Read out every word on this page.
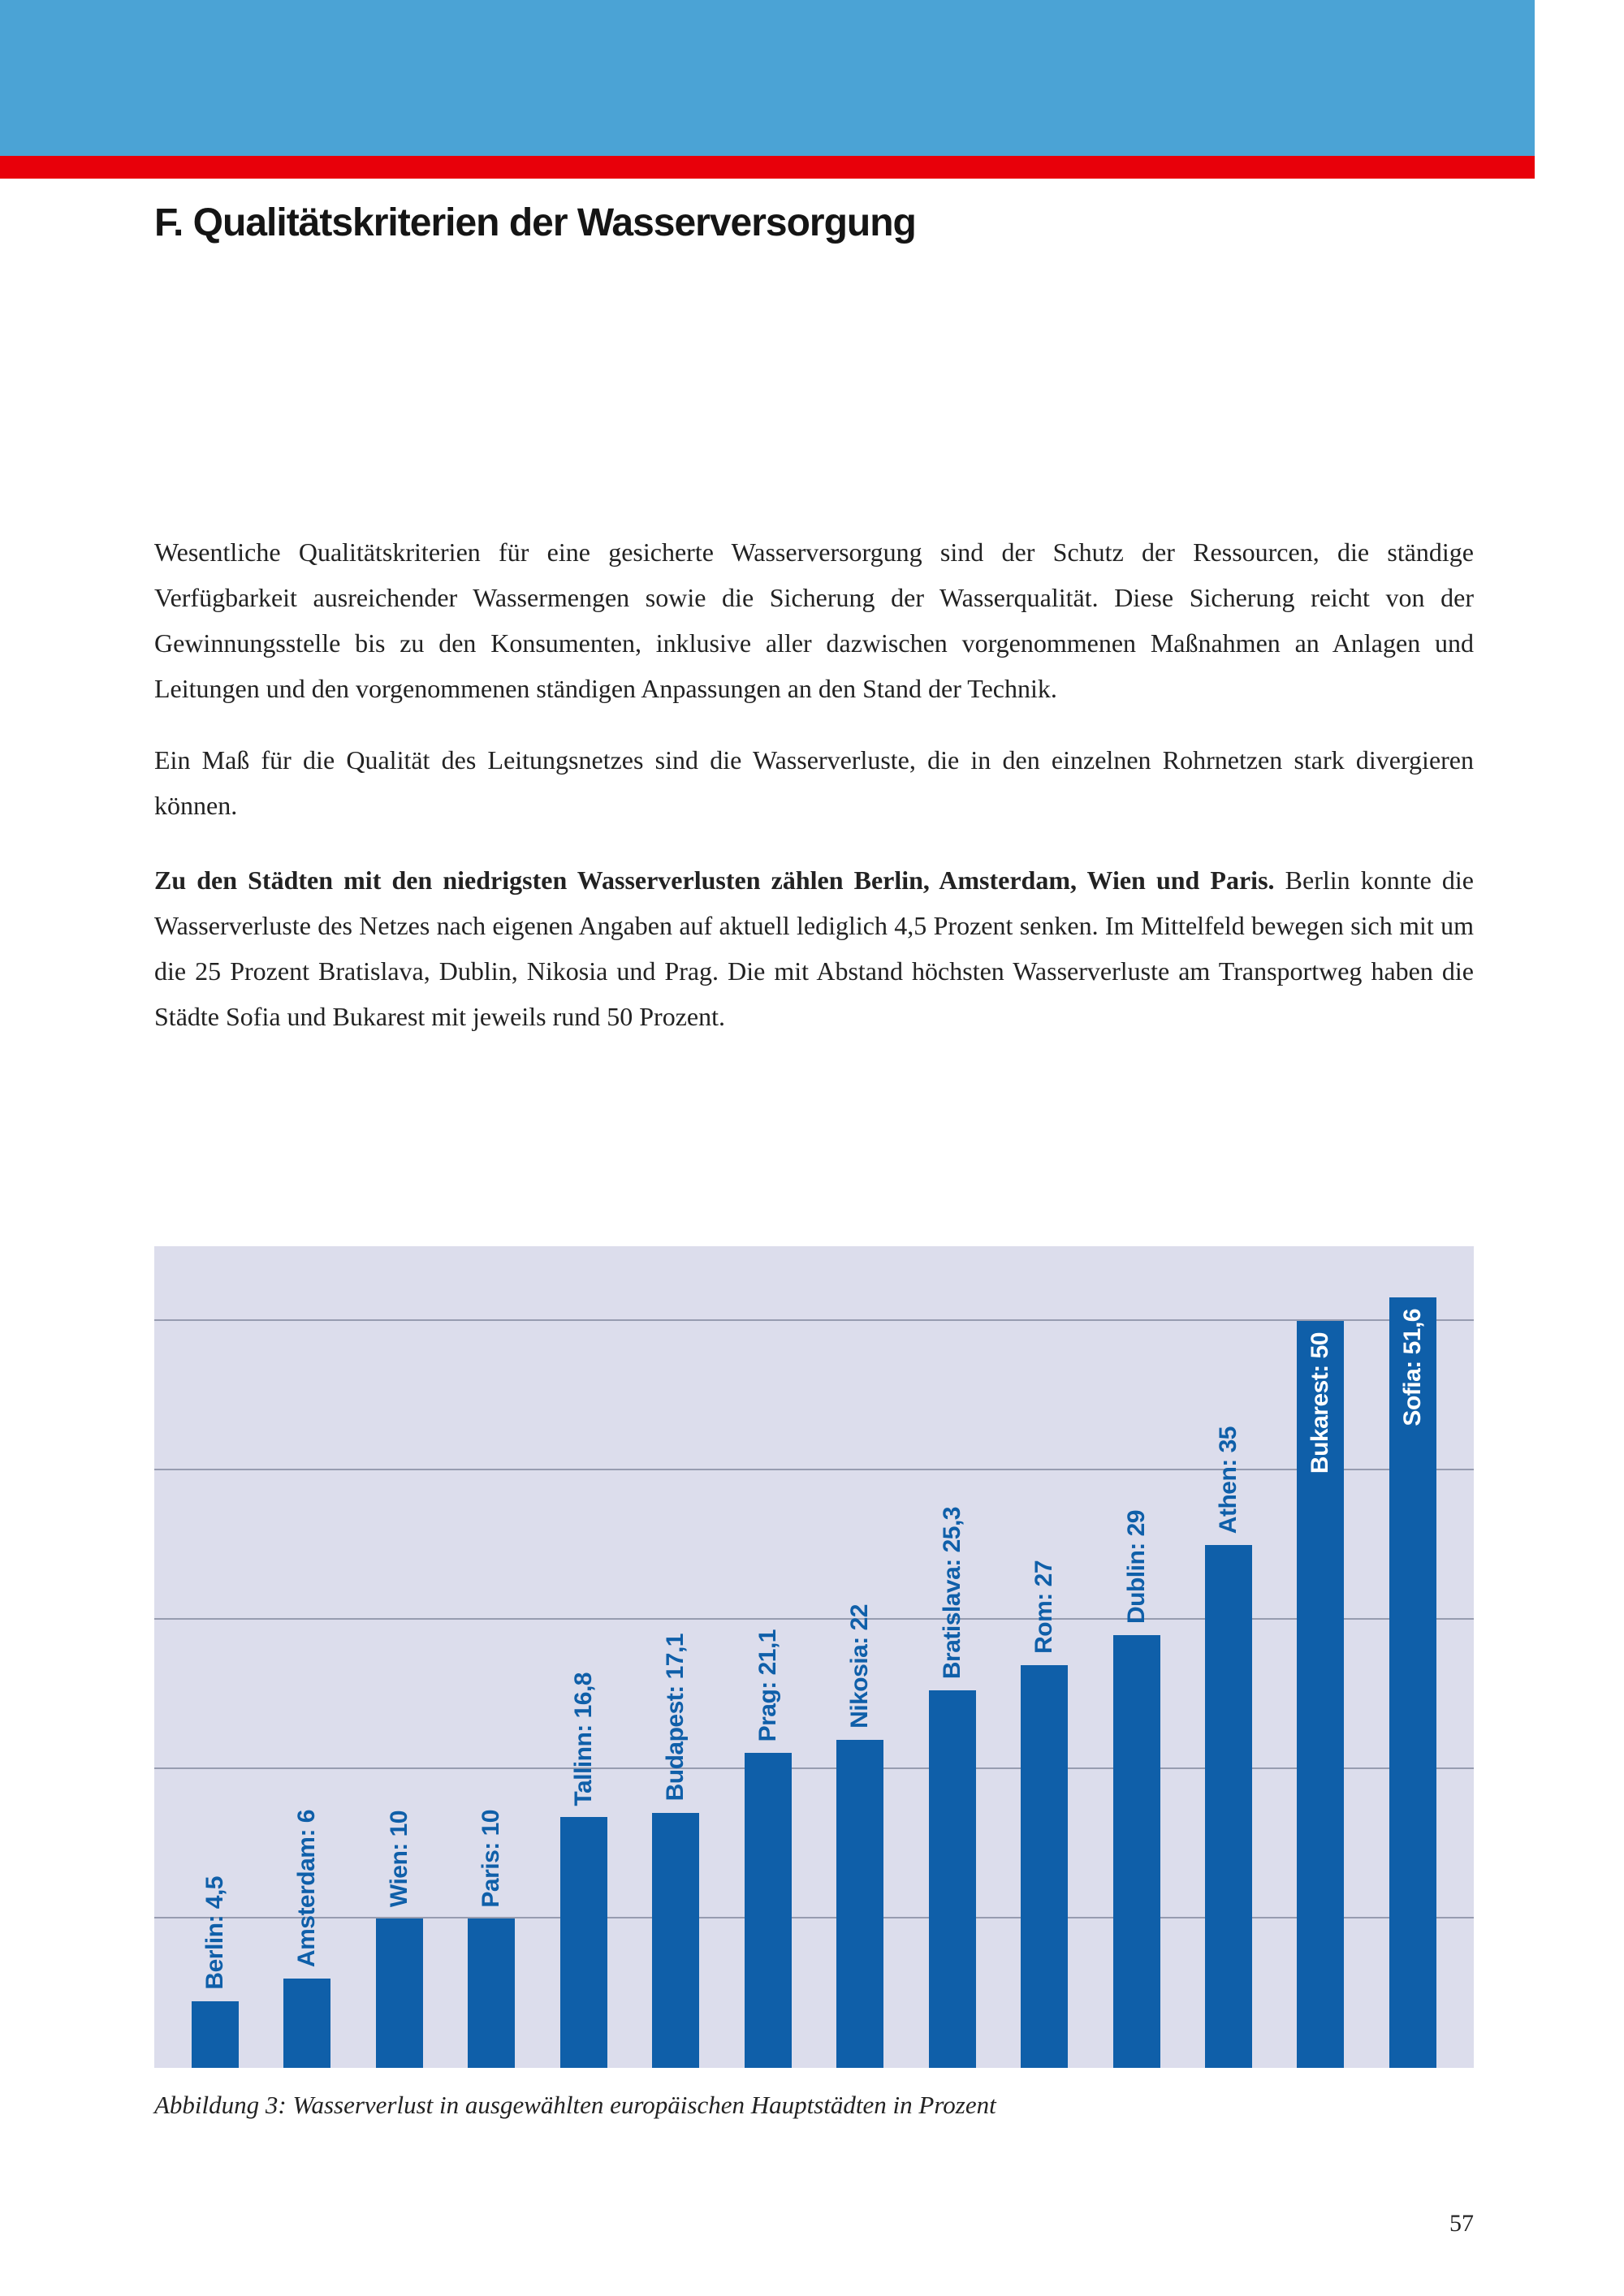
F. Qualitätskriterien der Wasserversorgung

Wesentliche Qualitätskriterien für eine gesicherte Wasserversorgung sind der Schutz der Ressourcen, die ständige Verfügbarkeit ausreichender Wassermengen sowie die Sicherung der Wasserqualität. Diese Sicherung reicht von der Gewinnungsstelle bis zu den Konsumenten, inklusive aller dazwischen vorgenommenen Maßnahmen an Anlagen und Leitungen und den vorgenommenen ständigen Anpassungen an den Stand der Technik.

Ein Maß für die Qualität des Leitungsnetzes sind die Wasserverluste, die in den einzelnen Rohrnetzen stark divergieren können.

Zu den Städten mit den niedrigsten Wasserverlusten zählen Berlin, Amsterdam, Wien und Paris. Berlin konnte die Wasserverluste des Netzes nach eigenen Angaben auf aktuell lediglich 4,5 Prozent senken. Im Mittelfeld bewegen sich mit um die 25 Prozent Bratislava, Dublin, Nikosia und Prag. Die mit Abstand höchsten Wasserverluste am Transportweg haben die Städte Sofia und Bukarest mit jeweils rund 50 Prozent.

Berlin: 4,5	Amsterdam: 6	Wien: 10	Paris: 10
Tallinn: 16,8	Budapest: 17,1	Prag: 21,1	Nikosia: 22	Bratislava: 25,3	Rom: 27	Dublin: 29
Athen: 35
Bukarest: 50	Sofia: 51,6
Abbildung 3: Wasserverlust in ausgewählten europäischen Hauptstädten in Prozent
57
